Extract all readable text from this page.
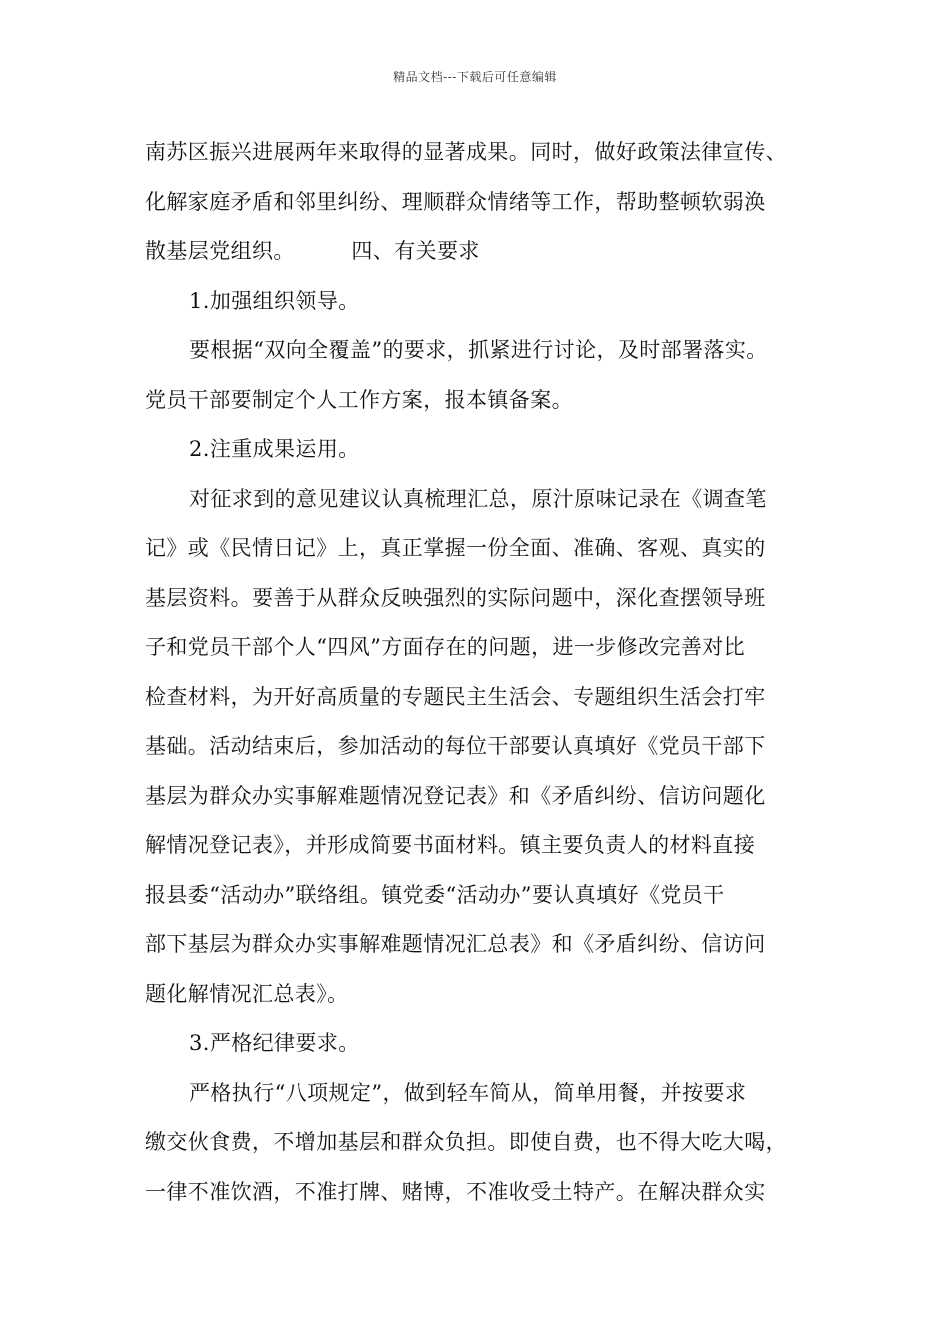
精品文档---下载后可任意编辑
南苏区振兴进展两年来取得的显著成果。同时，做好政策法律宣传、
化解家庭矛盾和邻里纠纷、理顺群众情绪等工作，帮助整顿软弱涣
散基层党组织。        四、有关要求
1.加强组织领导。
要根据“双向全覆盖”的要求，抓紧进行讨论，及时部署落实。
党员干部要制定个人工作方案，报本镇备案。
2.注重成果运用。
对征求到的意见建议认真梳理汇总，原汁原味记录在《调查笔
记》或《民情日记》上，真正掌握一份全面、准确、客观、真实的
基层资料。要善于从群众反映强烈的实际问题中，深化查摆领导班
子和党员干部个人“四风”方面存在的问题，进一步修改完善对比
检查材料，为开好高质量的专题民主生活会、专题组织生活会打牢
基础。活动结束后，参加活动的每位干部要认真填好《党员干部下
基层为群众办实事解难题情况登记表》和《矛盾纠纷、信访问题化
解情况登记表》，并形成简要书面材料。镇主要负责人的材料直接
报县委“活动办”联络组。镇党委“活动办”要认真填好《党员干
部下基层为群众办实事解难题情况汇总表》和《矛盾纠纷、信访问
题化解情况汇总表》。
3.严格纪律要求。
严格执行“八项规定”，做到轻车简从，简单用餐，并按要求
缴交伙食费，不增加基层和群众负担。即使自费，也不得大吃大喝，
一律不准饮酒，不准打牌、赌博，不准收受土特产。在解决群众实
